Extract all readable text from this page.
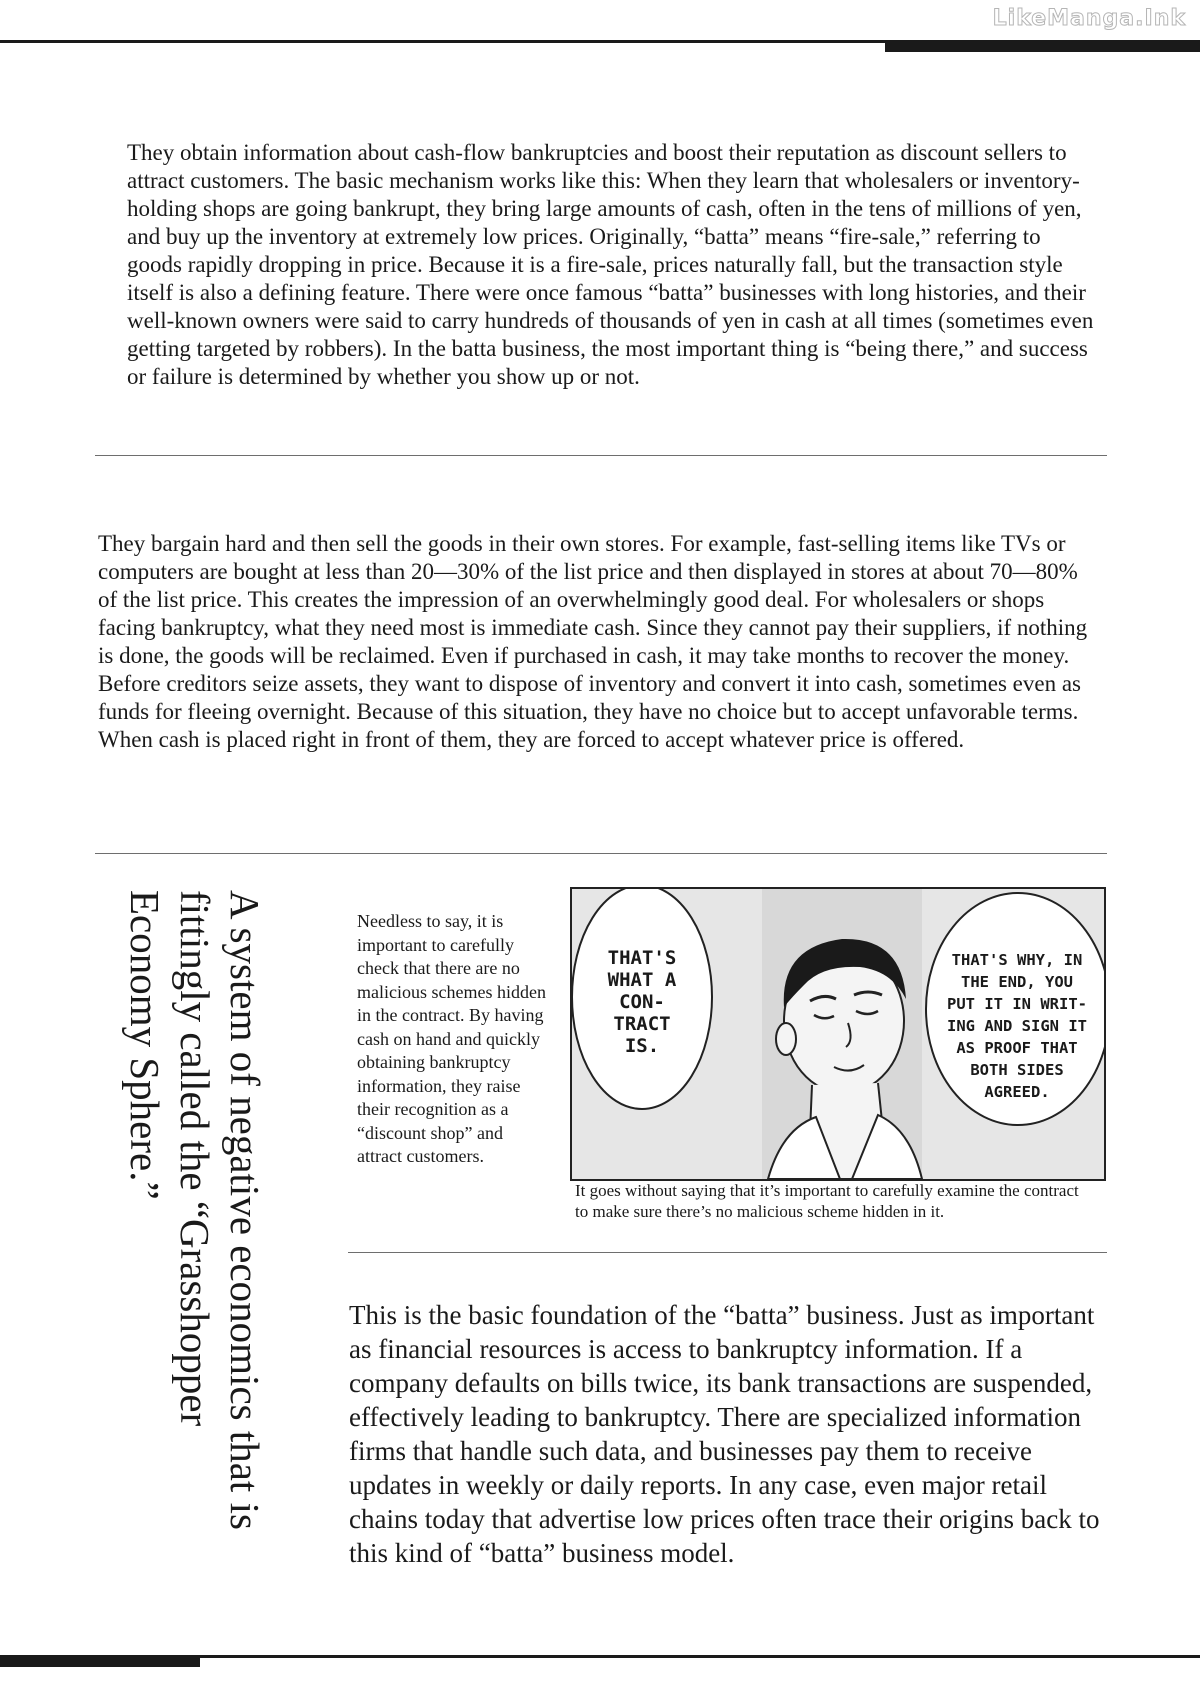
LikeManga.Ink

They obtain information about cash-flow bankruptcies and boost their reputation as discount sellers to attract customers. The basic mechanism works like this: When they learn that wholesalers or inventory-holding shops are going bankrupt, they bring large amounts of cash, often in the tens of millions of yen, and buy up the inventory at extremely low prices. Originally, “batta” means “fire-sale,” referring to goods rapidly dropping in price. Because it is a fire-sale, prices naturally fall, but the transaction style itself is also a defining feature. There were once famous “batta” businesses with long histories, and their well-known owners were said to carry hundreds of thousands of yen in cash at all times (sometimes even getting targeted by robbers). In the batta business, the most important thing is “being there,” and success or failure is determined by whether you show up or not.

They bargain hard and then sell the goods in their own stores. For example, fast-selling items like TVs or computers are bought at less than 20—30% of the list price and then displayed in stores at about 70—80% of the list price. This creates the impression of an overwhelmingly good deal. For wholesalers or shops facing bankruptcy, what they need most is immediate cash. Since they cannot pay their suppliers, if nothing is done, the goods will be reclaimed. Even if purchased in cash, it may take months to recover the money. Before creditors seize assets, they want to dispose of inventory and convert it into cash, sometimes even as funds for fleeing overnight. Because of this situation, they have no choice but to accept unfavorable terms. When cash is placed right in front of them, they are forced to accept whatever price is offered.

A system of negative economics that is
fittingly called the “Grasshopper
Economy Sphere.”	Needless to say, it is important to carefully check that there are no malicious schemes hidden in the contract. By having cash on hand and quickly obtaining bankruptcy information, they raise their recognition as a “discount shop” and attract customers.

THAT'S
WHAT A
CON-
TRACT
IS.

THAT'S WHY, IN
THE END, YOU
PUT IT IN WRIT-
ING AND SIGN IT
AS PROOF THAT
BOTH SIDES
AGREED.

It goes without saying that it’s important to carefully examine the contract to make sure there’s no malicious scheme hidden in it.

This is the basic foundation of the “batta” business. Just as important as financial resources is access to bankruptcy information. If a company defaults on bills twice, its bank transactions are suspended, effectively leading to bankruptcy. There are specialized information firms that handle such data, and businesses pay them to receive updates in weekly or daily reports. In any case, even major retail chains today that advertise low prices often trace their origins back to this kind of “batta” business model.
